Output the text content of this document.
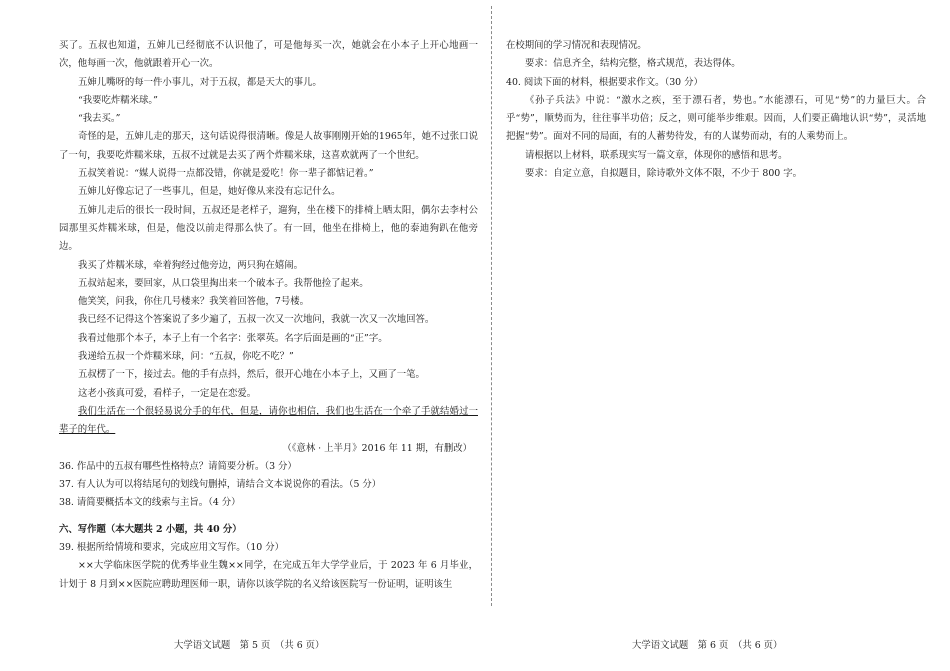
买了。五叔也知道，五婶儿已经彻底不认识他了，可是他每买一次，她就会在小本子上开心地画一次，他每画一次，他就跟着开心一次。

五婶儿嘴呀的每一件小事儿，对于五叔，都是天大的事儿。

“我要吃炸糯米球。”

“我去买。”

奇怪的是，五婶儿走的那天，这句话说得很清晰。像是人故事刚刚开始的1965年，她不过张口说了一句，我要吃炸糯米球，五叔不过就是去买了两个炸糯米球，这喜欢就两了一个世纪。

五叔笑着说：“媒人说得一点都没错，你就是爱吃！你一辈子都惦记着。”

五婶儿好像忘记了一些事儿，但是，她好像从来没有忘记什么。

五婶儿走后的很长一段时间，五叔还是老样子，遛狗，坐在楼下的排椅上晒太阳，偶尔去李村公园那里买炸糯米球，但是，他没以前走得那么快了。有一回，他坐在排椅上，他的泰迪狗趴在他旁边。

我买了炸糯米球，牵着狗经过他旁边，两只狗在嬉闹。

五叔站起来，要回家，从口袋里掏出来一个破本子。我帮他捡了起来。

他笑笑，问我，你住几号楼来？我笑着回答他，7号楼。

我已经不记得这个答案说了多少遍了，五叔一次又一次地问，我就一次又一次地回答。

我看过他那个本子，本子上有一个名字：张翠英。名字后面是画的“正”字。

我递给五叔一个炸糯米球，问：“五叔，你吃不吃？”

五叔楞了一下，接过去。他的手有点抖，然后，很开心地在小本子上，又画了一笔。

这老小孩真可爱，看样子，一定是在恋爱。

我们生活在一个很轻易说分手的年代，但是，请你也相信，我们也生活在一个牵了手就结婚过一辈子的年代。

（《意林 · 上半月》2016 年 11 期，有删改）

36. 作品中的五叔有哪些性格特点？请简要分析。（3 分）

37. 有人认为可以将结尾句的划线句删掉，请结合文本说说你的看法。（5 分）

38. 请简要概括本文的线索与主旨。（4 分）

六、写作题（本大题共 2 小题，共 40 分）

39. 根据所给情境和要求，完成应用文写作。（10 分）

××大学临床医学院的优秀毕业生魏××同学，在完成五年大学学业后，于 2023 年 6 月毕业，计划于 8 月到××医院应聘助理医师一职，请你以该学院的名义给该医院写一份证明，证明该生

大学语文试题　第 5 页　（共 6 页）

在校期间的学习情况和表现情况。

要求：信息齐全，结构完整，格式规范，表达得体。

40. 阅读下面的材料，根据要求作文。（30 分）

《孙子兵法》中说：“激水之疾，至于漂石者，势也。”水能漂石，可见“势”的力量巨大。合乎“势”，顺势而为，往往事半功倍；反之，则可能举步维艰。因而，人们要正确地认识“势”，灵活地把握“势”。面对不同的局面，有的人蓄势待发，有的人谋势而动，有的人乘势而上。

请根据以上材料，联系现实写一篇文章，体现你的感悟和思考。

要求：自定立意，自拟题目，除诗歌外文体不限，不少于 800 字。

大学语文试题　第 6 页　（共 6 页）
